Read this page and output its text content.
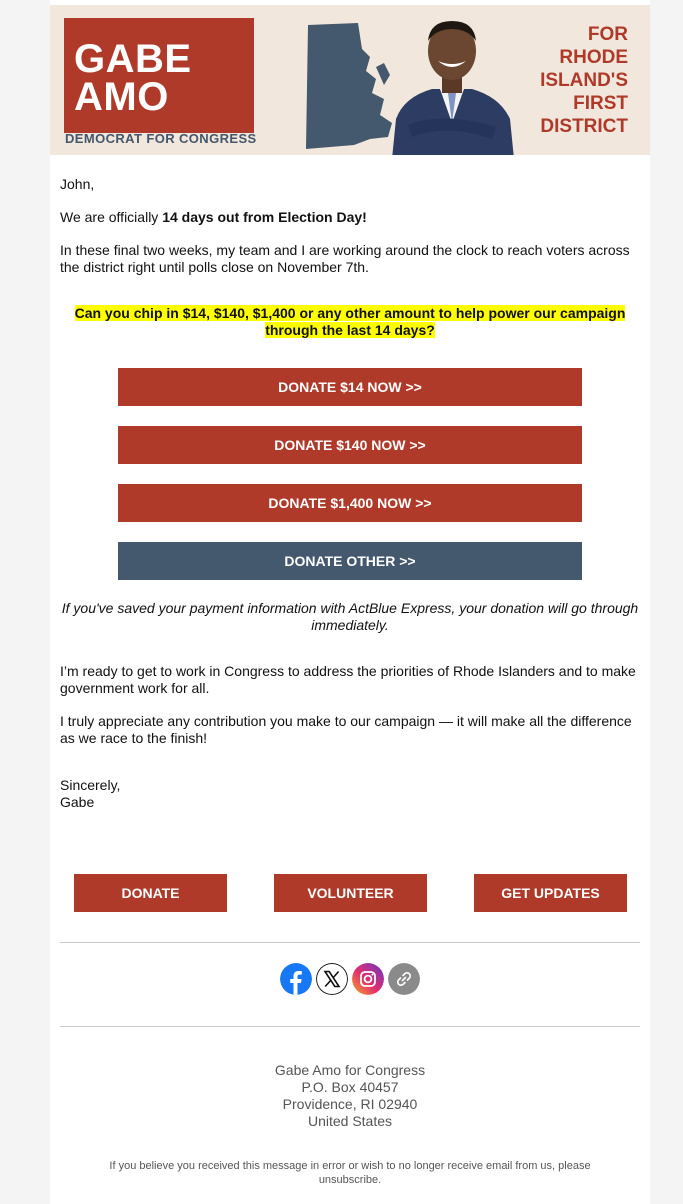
GABE
AMO
DEMOCRAT FOR CONGRESS
FOR
RHODE
ISLAND'S
FIRST
DISTRICT
John,
We are officially 14 days out from Election Day!
In these final two weeks, my team and I are working around the clock to reach voters across the district right until polls close on November 7th.
Can you chip in $14, $140, $1,400 or any other amount to help power our campaign through the last 14 days?
DONATE $14 NOW >>
DONATE $140 NOW >>
DONATE $1,400 NOW >>
DONATE OTHER >>
If you've saved your payment information with ActBlue Express, your donation will go through immediately.
I’m ready to get to work in Congress to address the priorities of Rhode Islanders and to make government work for all.
I truly appreciate any contribution you make to our campaign — it will make all the difference as we race to the finish!
Sincerely,
Gabe
DONATE	VOLUNTEER	GET UPDATES
Gabe Amo for Congress
P.O. Box 40457
Providence, RI 02940
United States
If you believe you received this message in error or wish to no longer receive email from us, please unsubscribe.
